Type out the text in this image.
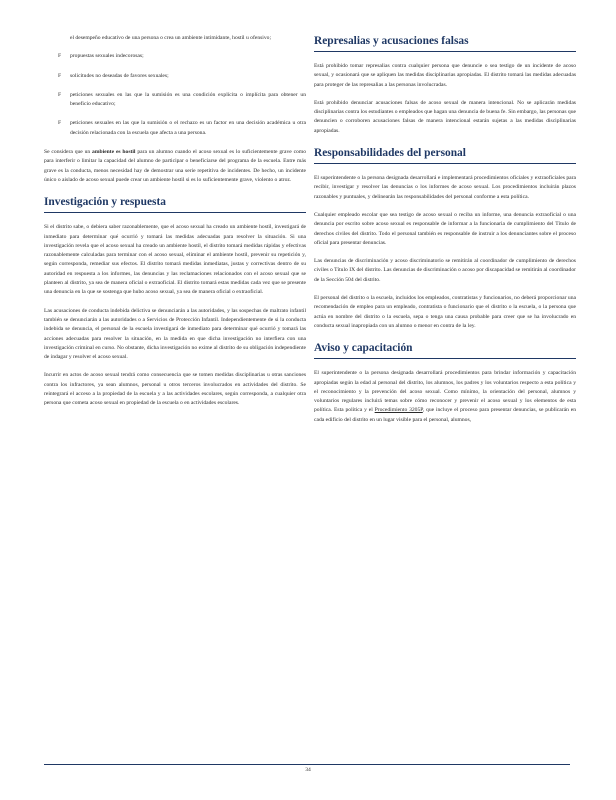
el desempeño educativo de una persona o crea un ambiente intimidante, hostil u ofensivo;

F propuestas sexuales indecorosas;

F solicitudes no deseadas de favores sexuales;

F peticiones sexuales en las que la sumisión es una condición explícita o implícita para obtener un beneficio educativo;

F peticiones sexuales en las que la sumisión o el rechazo es un factor en una decisión académica u otra decisión relacionada con la escuela que afecta a una persona.

Se considera que un ambiente es hostil para un alumno cuando el acoso sexual es lo suficientemente grave como para interferir o limitar la capacidad del alumno de participar o beneficiarse del programa de la escuela. Entre más grave es la conducta, menos necesidad hay de demostrar una serie repetitiva de incidentes. De hecho, un incidente único o aislado de acoso sexual puede crear un ambiente hostil si es lo suficientemente grave, violento o atroz.

Investigación y respuesta

Si el distrito sabe, o debiera saber razonablemente, que el acoso sexual ha creado un ambiente hostil, investigará de inmediato para determinar qué ocurrió y tomará las medidas adecuadas para resolver la situación. Si una investigación revela que el acoso sexual ha creado un ambiente hostil, el distrito tomará medidas rápidas y efectivas razonablemente calculadas para terminar con el acoso sexual, eliminar el ambiente hostil, prevenir su repetición y, según corresponda, remediar sus efectos. El distrito tomará medidas inmediatas, justas y correctivas dentro de su autoridad en respuesta a los informes, las denuncias y las reclamaciones relacionados con el acoso sexual que se planteen al distrito, ya sea de manera oficial o extraoficial. El distrito tomará estas medidas cada vez que se presente una denuncia en la que se sostenga que hubo acoso sexual, ya sea de manera oficial o extraoficial.

Las acusaciones de conducta indebida delictiva se denunciarán a las autoridades, y las sospechas de maltrato infantil también se denunciarán a las autoridades o a Servicios de Protección Infantil. Independientemente de si la conducta indebida se denuncia, el personal de la escuela investigará de inmediato para determinar qué ocurrió y tomará las acciones adecuadas para resolver la situación, en la medida en que dicha investigación no interfiera con una investigación criminal en curso. No obstante, dicha investigación no exime al distrito de su obligación independiente de indagar y resolver el acoso sexual.

Incurrir en actos de acoso sexual tendrá como consecuencia que se tomen medidas disciplinarias u otras sanciones contra los infractores, ya sean alumnos, personal u otros terceros involucrados en actividades del distrito. Se reintegrará el acceso a la propiedad de la escuela y a las actividades escolares, según corresponda, a cualquier otra persona que cometa acoso sexual en propiedad de la escuela o en actividades escolares.

Represalias y acusaciones falsas

Está prohibido tomar represalias contra cualquier persona que denuncie o sea testigo de un incidente de acoso sexual, y ocasionará que se apliquen las medidas disciplinarias apropiadas. El distrito tomará las medidas adecuadas para proteger de las represalias a las personas involucradas.

Está prohibido denunciar acusaciones falsas de acoso sexual de manera intencional. No se aplicarán medidas disciplinarias contra los estudiantes o empleados que hagan una denuncia de buena fe. Sin embargo, las personas que denuncien o corroboren acusaciones falsas de manera intencional estarán sujetas a las medidas disciplinarias apropiadas.

Responsabilidades del personal

El superintendente o la persona designada desarrollará e implementará procedimientos oficiales y extraoficiales para recibir, investigar y resolver las denuncias o los informes de acoso sexual. Los procedimientos incluirán plazos razonables y puntuales, y delinearán las responsabilidades del personal conforme a esta política.

Cualquier empleado escolar que sea testigo de acoso sexual o reciba un informe, una denuncia extraoficial o una denuncia por escrito sobre acoso sexual es responsable de informar a la funcionaria de cumplimiento del Título de derechos civiles del distrito. Todo el personal también es responsable de instruir a los denunciantes sobre el proceso oficial para presentar denuncias.

Las denuncias de discriminación y acoso discriminatorio se remitirán al coordinador de cumplimiento de derechos civiles o Título IX del distrito. Las denuncias de discriminación o acoso por discapacidad se remitirán al coordinador de la Sección 504 del distrito.

El personal del distrito o la escuela, incluidos los empleados, contratistas y funcionarios, no deberá proporcionar una recomendación de empleo para un empleado, contratista o funcionario que el distrito o la escuela, o la persona que actúa en nombre del distrito o la escuela, sepa o tenga una causa probable para creer que se ha involucrado en conducta sexual inapropiada con un alumno o menor en contra de la ley.

Aviso y capacitación

El superintendente o la persona designada desarrollará procedimientos para brindar información y capacitación apropiadas según la edad al personal del distrito, los alumnos, los padres y los voluntarios respecto a esta política y el reconocimiento y la prevención del acoso sexual. Como mínimo, la orientación del personal, alumnos y voluntarios regulares incluirá temas sobre cómo reconocer y prevenir el acoso sexual y los elementos de esta política. Esta política y el Procedimiento 3205P, que incluye el proceso para presentar denuncias, se publicarán en cada edificio del distrito en un lugar visible para el personal, alumnos,

34
